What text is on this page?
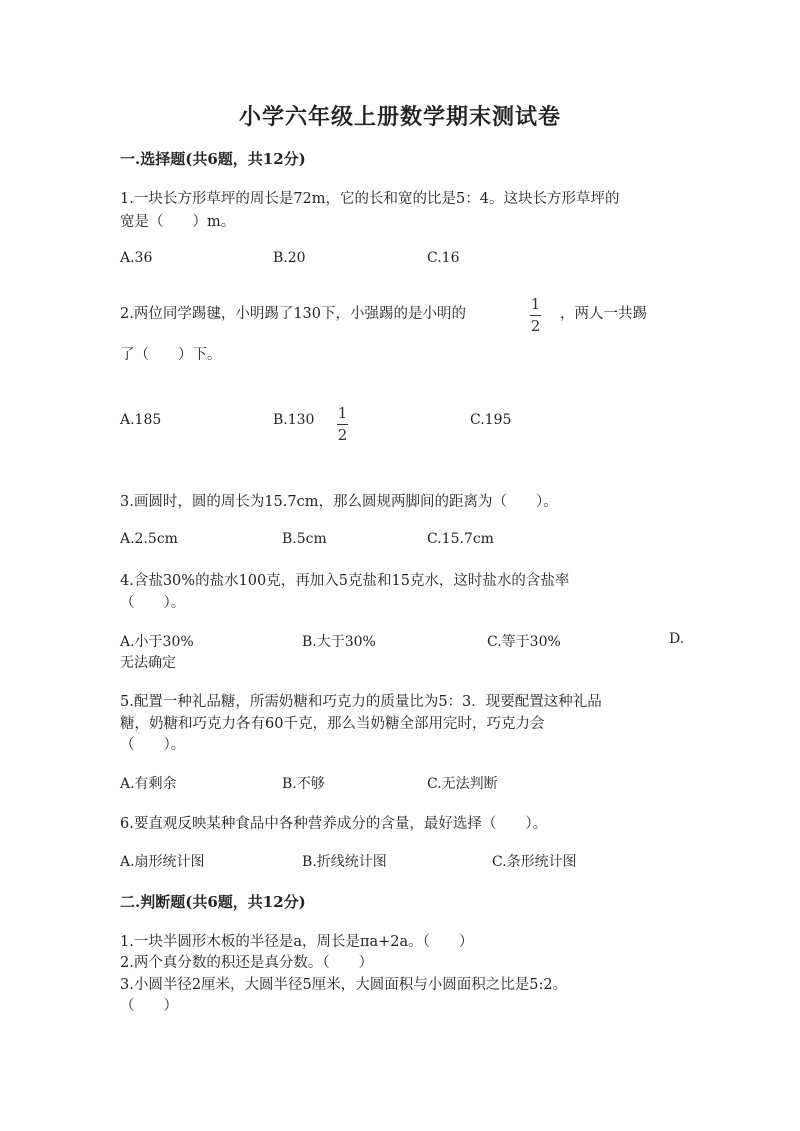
小学六年级上册数学期末测试卷
一.选择题(共6题，共12分)
1.一块长方形草坪的周长是72m，它的长和宽的比是5：4。这块长方形草坪的
宽是（　　）m。
A.36	B.20	C.16
2.两位同学踢毽，小明踢了130下，小强踢的是小明的
1
2
，两人一共踢
了（　　）下。
A.185	B.130 1
2
C.195
3.画圆时，圆的周长为15.7cm，那么圆规两脚间的距离为（　　）。
A.2.5cm	B.5cm	C.15.7cm
4.含盐30%的盐水100克，再加入5克盐和15克水，这时盐水的含盐率
（　　）。
A.小于30%	B.大于30%	C.等于30%	D.
无法确定
5.配置一种礼品糖，所需奶糖和巧克力的质量比为5：3．现要配置这种礼品
糖，奶糖和巧克力各有60千克，那么当奶糖全部用完时，巧克力会
（　　）。
A.有剩余	B.不够	C.无法判断
6.要直观反映某种食品中各种营养成分的含量，最好选择（　　）。
A.扇形统计图	B.折线统计图	C.条形统计图
二.判断题(共6题，共12分)
1.一块半圆形木板的半径是a，周长是πa+2a。（　　）
2.两个真分数的积还是真分数。（　　）
3.小圆半径2厘米，大圆半径5厘米，大圆面积与小圆面积之比是5:2。
（　　）
